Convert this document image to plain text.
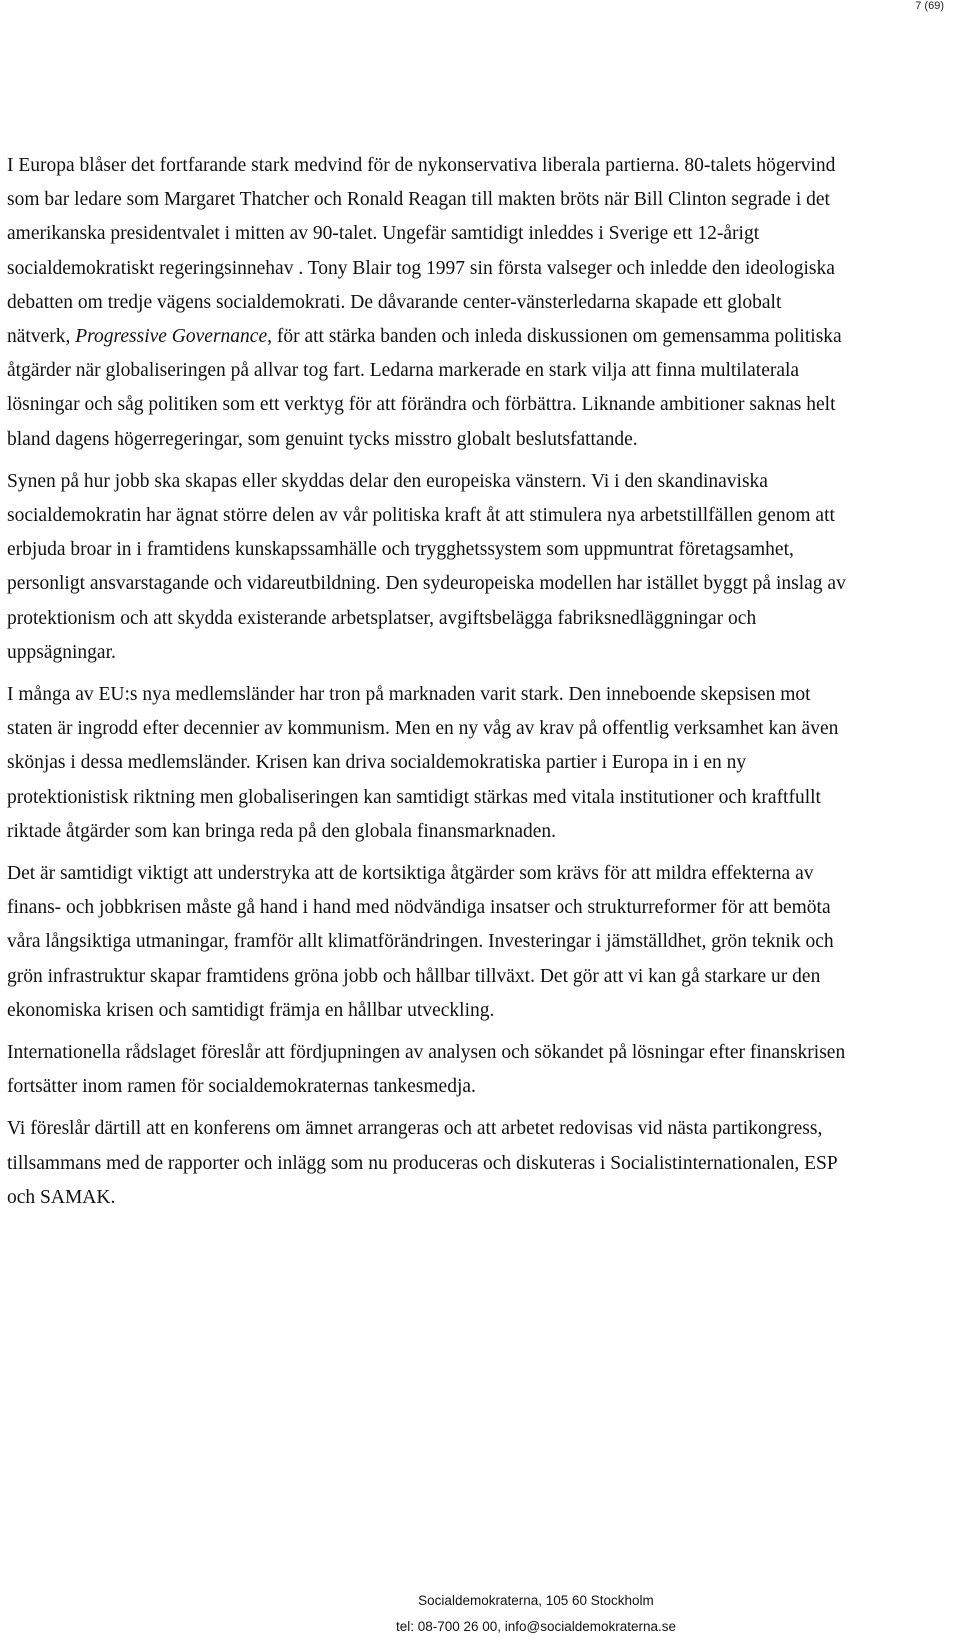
7 (69)

I Europa blåser det fortfarande stark medvind för de nykonservativa liberala partierna. 80-talets högervind som bar ledare som Margaret Thatcher och Ronald Reagan till makten bröts när Bill Clinton segrade i det amerikanska presidentvalet i mitten av 90-talet. Ungefär samtidigt inleddes i Sverige ett 12-årigt socialdemokratiskt regeringsinnehav . Tony Blair tog 1997 sin första valseger och inledde den ideologiska debatten om tredje vägens socialdemokrati. De dåvarande center-vänsterledarna skapade ett globalt nätverk, Progressive Governance, för att stärka banden och inleda diskussionen om gemensamma politiska åtgärder när globaliseringen på allvar tog fart. Ledarna markerade en stark vilja att finna multilaterala lösningar och såg politiken som ett verktyg för att förändra och förbättra. Liknande ambitioner saknas helt bland dagens högerregeringar, som genuint tycks misstro globalt beslutsfattande.

Synen på hur jobb ska skapas eller skyddas delar den europeiska vänstern. Vi i den skandinaviska socialdemokratin har ägnat större delen av vår politiska kraft åt att stimulera nya arbetstillfällen genom att erbjuda broar in i framtidens kunskapssamhälle och trygghetssystem som uppmuntrat företagsamhet, personligt ansvarstagande och vidareutbildning. Den sydeuropeiska modellen har istället byggt på inslag av protektionism och att skydda existerande arbetsplatser, avgiftsbelägga fabriksnedläggningar och uppsägningar.

I många av EU:s nya medlemsländer har tron på marknaden varit stark. Den inneboende skepsisen mot staten är ingrodd efter decennier av kommunism. Men en ny våg av krav på offentlig verksamhet kan även skönjas i dessa medlemsländer. Krisen kan driva socialdemokratiska partier i Europa in i en ny protektionistisk riktning men globaliseringen kan samtidigt stärkas med vitala institutioner och kraftfullt riktade åtgärder som kan bringa reda på den globala finansmarknaden.

Det är samtidigt viktigt att understryka att de kortsiktiga åtgärder som krävs för att mildra effekterna av finans- och jobbkrisen måste gå hand i hand med nödvändiga insatser och strukturreformer för att bemöta våra långsiktiga utmaningar, framför allt klimatförändringen. Investeringar i jämställdhet, grön teknik och grön infrastruktur skapar framtidens gröna jobb och hållbar tillväxt. Det gör att vi kan gå starkare ur den ekonomiska krisen och samtidigt främja en hållbar utveckling.

Internationella rådslaget föreslår att fördjupningen av analysen och sökandet på lösningar efter finanskrisen fortsätter inom ramen för socialdemokraternas tankesmedja.

Vi föreslår därtill att en konferens om ämnet arrangeras och att arbetet redovisas vid nästa partikongress, tillsammans med de rapporter och inlägg som nu produceras och diskuteras i Socialistinternationalen, ESP och SAMAK.

Socialdemokraterna, 105 60 Stockholm
tel: 08-700 26 00, info@socialdemokraterna.se
